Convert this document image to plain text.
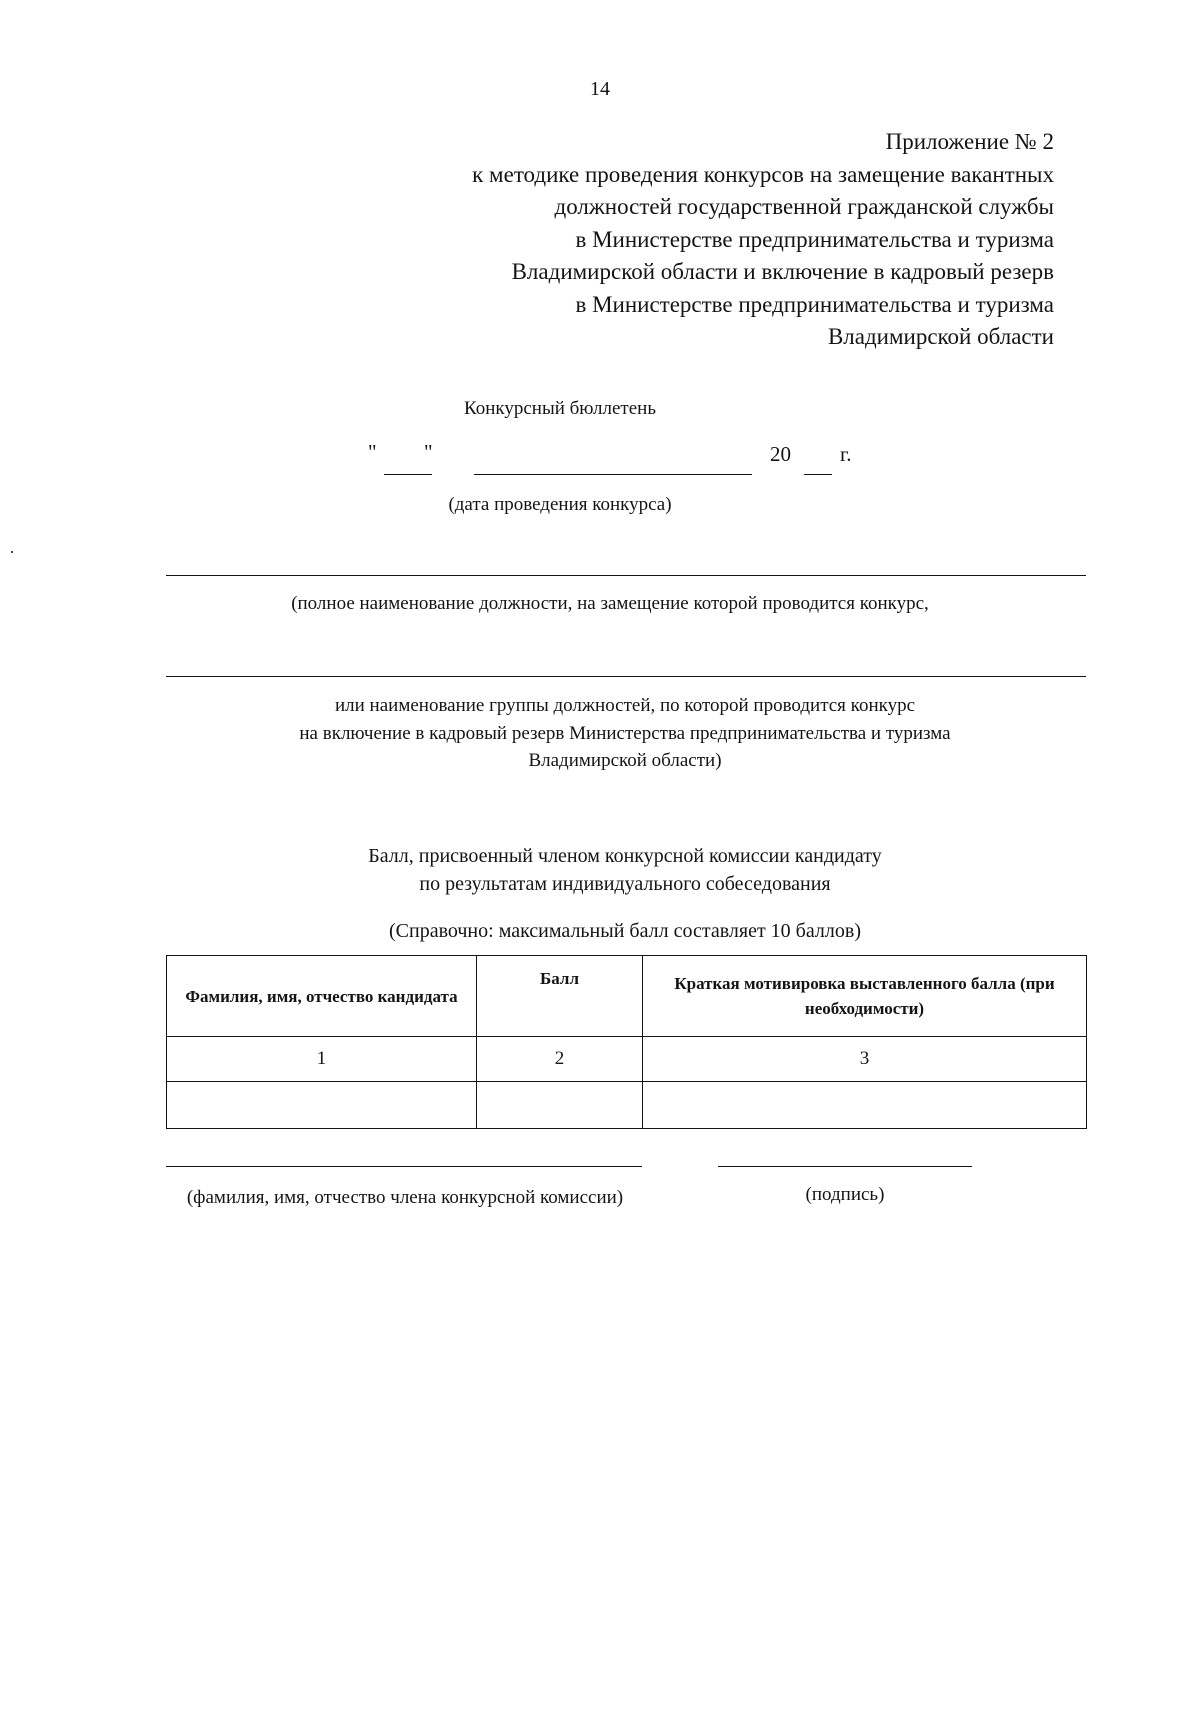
14
Приложение № 2
к методике проведения конкурсов на замещение вакантных
должностей государственной гражданской службы
в Министерстве предпринимательства и туризма
Владимирской области и включение в кадровый резерв
в Министерстве предпринимательства и туризма
Владимирской области
Конкурсный бюллетень
" "	20 г.
(дата проведения конкурса)
(полное наименование должности, на замещение которой проводится конкурс,
или наименование группы должностей, по которой проводится конкурс
на включение в кадровый резерв Министерства предпринимательства и туризма
Владимирской области)
Балл, присвоенный членом конкурсной комиссии кандидату
по результатам индивидуального собеседования
(Справочно: максимальный балл составляет 10 баллов)
Фамилия, имя, отчество кандидата	Балл	Краткая мотивировка выставленного балла (при необходимости)
1	2	3

(фамилия, имя, отчество члена конкурсной комиссии)	(подпись)
